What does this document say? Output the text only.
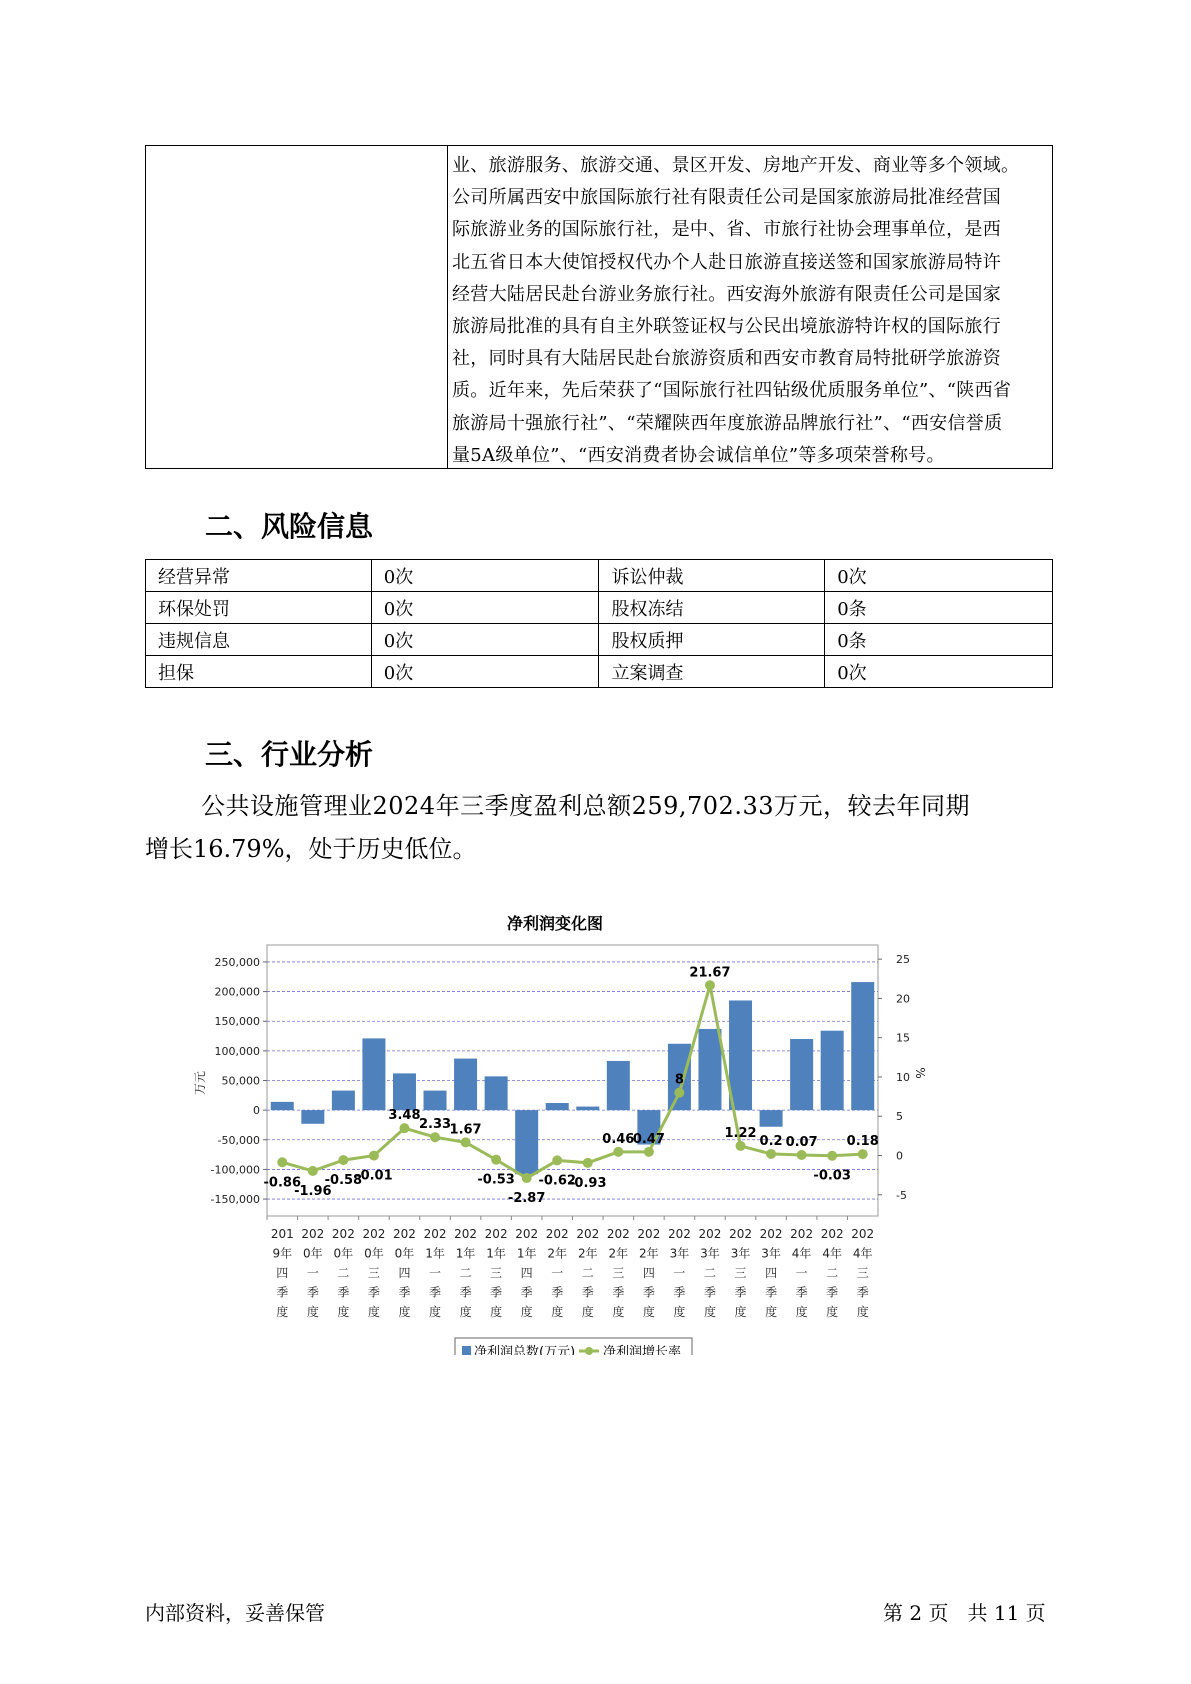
业、旅游服务、旅游交通、景区开发、房地产开发、商业等多个领域。
公司所属西安中旅国际旅行社有限责任公司是国家旅游局批准经营国
际旅游业务的国际旅行社，是中、省、市旅行社协会理事单位，是西
北五省日本大使馆授权代办个人赴日旅游直接送签和国家旅游局特许
经营大陆居民赴台游业务旅行社。西安海外旅游有限责任公司是国家
旅游局批准的具有自主外联签证权与公民出境旅游特许权的国际旅行
社，同时具有大陆居民赴台旅游资质和西安市教育局特批研学旅游资
质。近年来，先后荣获了“国际旅行社四钻级优质服务单位”、“陕西省
旅游局十强旅行社”、“荣耀陕西年度旅游品牌旅行社”、“西安信誉质
量5A级单位”、“西安消费者协会诚信单位”等多项荣誉称号。
二、风险信息
经营异常	0次	诉讼仲裁	0次
环保处罚	0次	股权冻结	0条
违规信息	0次	股权质押	0条
担保	0次	立案调查	0次
三、行业分析
公共设施管理业2024年三季度盈利总额259,702.33万元，较去年同期
增长16.79%，处于历史低位。
净利润变化图
250,000
200,000
150,000
100,000
50,000
0
-50,000
-100,000
-150,000
25
20
15
10
5
0
-5
万元	%
-0.86
-1.96
-0.58
-0.01
3.48
2.33
1.67
-0.53
-2.87
-0.62
-0.93
0.46
0.47
8
21.67
1.22
0.2 0.07
-0.03
0.18
201
9年
四
季
度
202
0年
一
季
度
202
0年
二
季
度
202
0年
三
季
度
202
0年
四
季
度
202
1年
一
季
度
202
1年
二
季
度
202
1年
三
季
度
202
1年
四
季
度
202
2年
一
季
度
202
2年
二
季
度
202
2年
三
季
度
202
2年
四
季
度
202
3年
一
季
度
202
3年
二
季
度
202
3年
三
季
度
202
3年
四
季
度
202
4年
一
季
度
202
4年
二
季
度
202
4年
三
季
度
净利润总数(万元) 净利润增长率
内部资料，妥善保管	第 2 页   共 11 页
